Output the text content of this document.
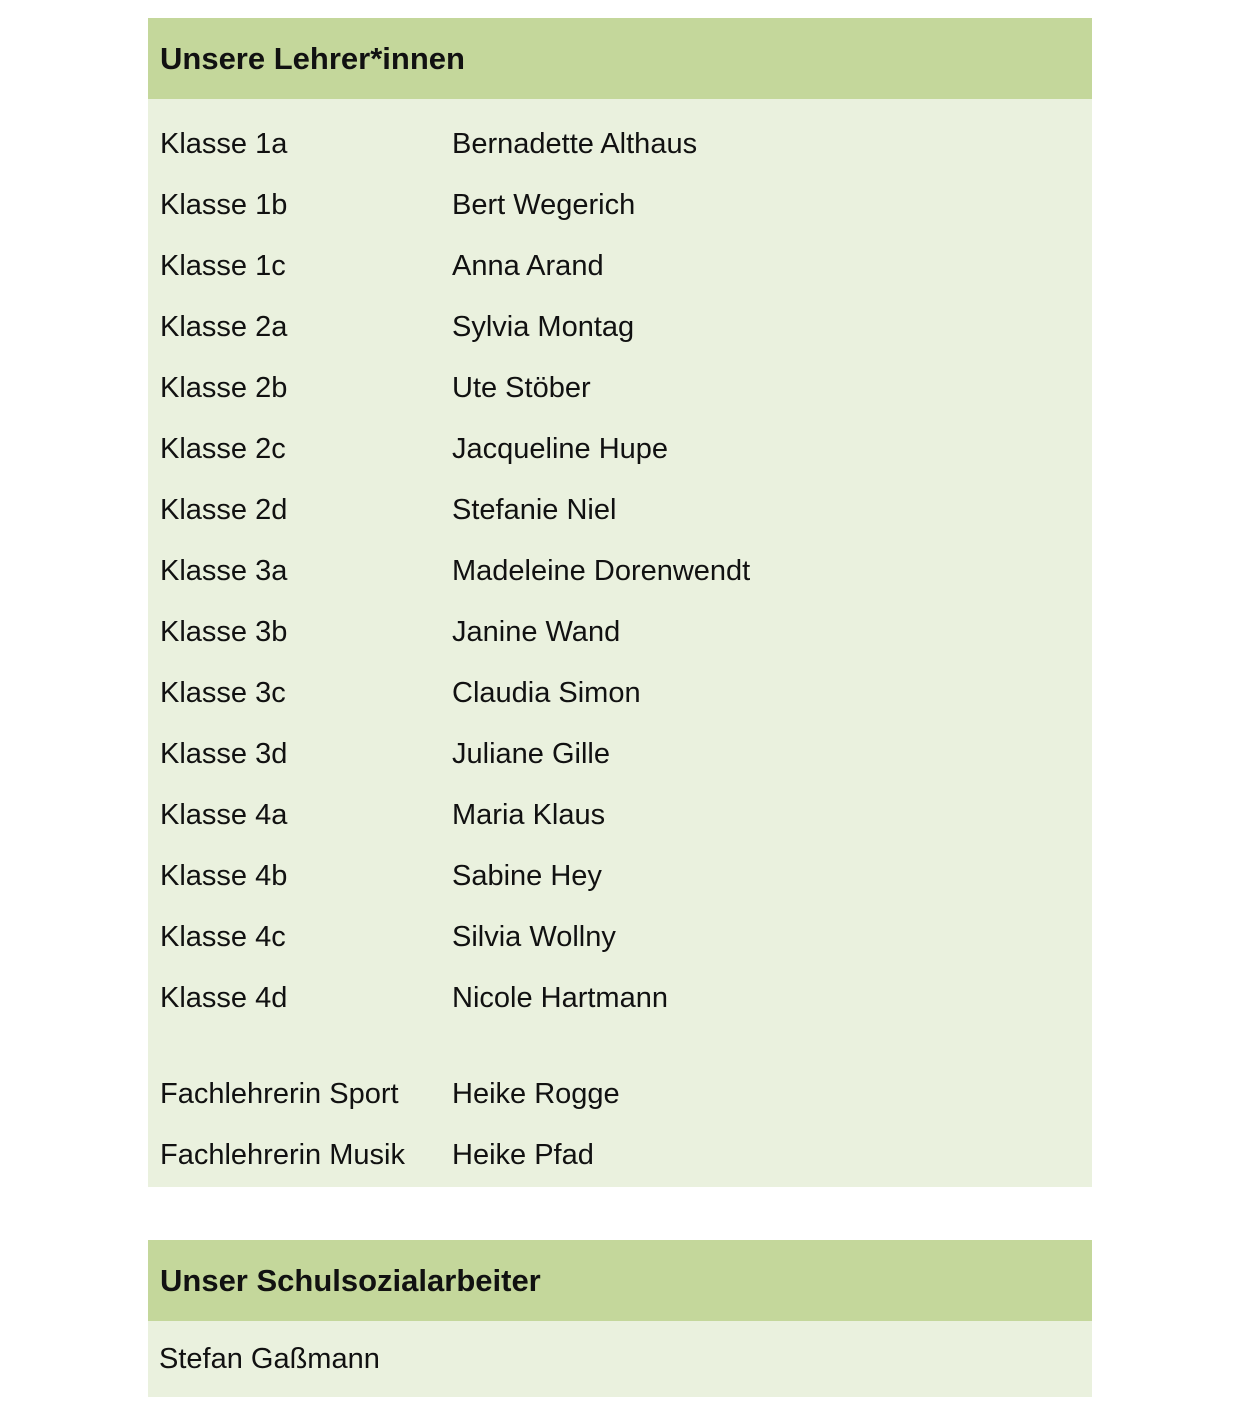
Unsere Lehrer*innen
Klasse 1a	Bernadette Althaus
Klasse 1b	Bert Wegerich
Klasse 1c	Anna Arand
Klasse 2a	Sylvia Montag
Klasse 2b	Ute Stöber
Klasse 2c	Jacqueline Hupe
Klasse 2d	Stefanie Niel
Klasse 3a	Madeleine Dorenwendt
Klasse 3b	Janine Wand
Klasse 3c	Claudia Simon
Klasse 3d	Juliane Gille
Klasse 4a	Maria Klaus
Klasse 4b	Sabine Hey
Klasse 4c	Silvia Wollny
Klasse 4d	Nicole Hartmann
Fachlehrerin Sport	Heike Rogge
Fachlehrerin Musik	Heike Pfad
Unser Schulsozialarbeiter
Stefan Gaßmann
